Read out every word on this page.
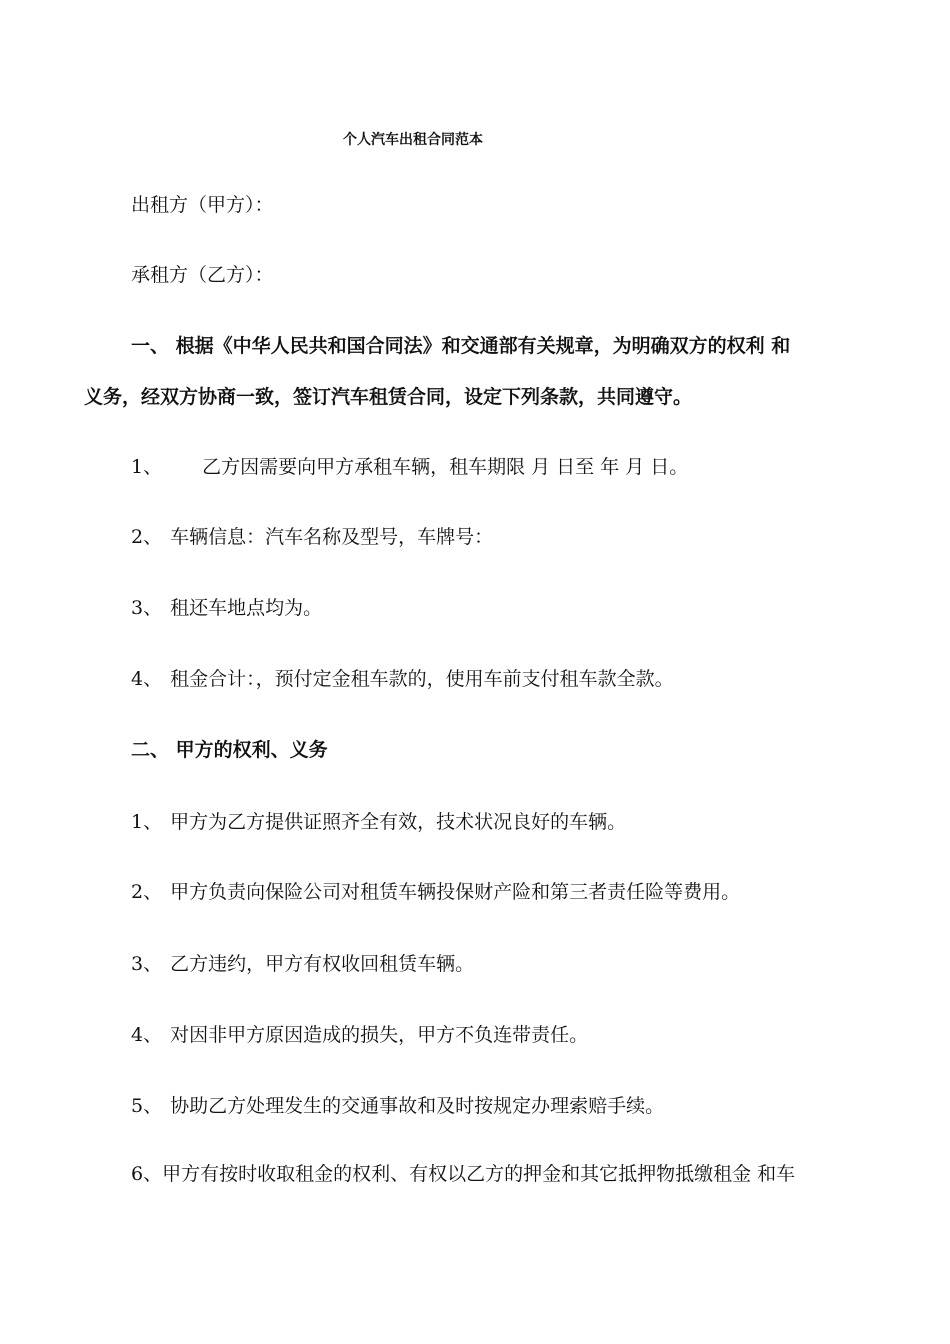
个人汽车出租合同范本
出租方（甲方）：
承租方（乙方）：
一、 根据《中华人民共和国合同法》和交通部有关规章，为明确双方的权利 和
义务，经双方协商一致，签订汽车租赁合同，设定下列条款，共同遵守。
1、 乙方因需要向甲方承租车辆，租车期限 月 日至 年 月 日。
2、 车辆信息：汽车名称及型号，车牌号：
3、 租还车地点均为。
4、 租金合计：，预付定金租车款的，使用车前支付租车款全款。
二、 甲方的权利、义务
1、 甲方为乙方提供证照齐全有效，技术状况良好的车辆。
2、 甲方负责向保险公司对租赁车辆投保财产险和第三者责任险等费用。
3、 乙方违约，甲方有权收回租赁车辆。
4、 对因非甲方原因造成的损失，甲方不负连带责任。
5、 协助乙方处理发生的交通事故和及时按规定办理索赔手续。
6、甲方有按时收取租金的权利、有权以乙方的押金和其它抵押物抵缴租金 和车
